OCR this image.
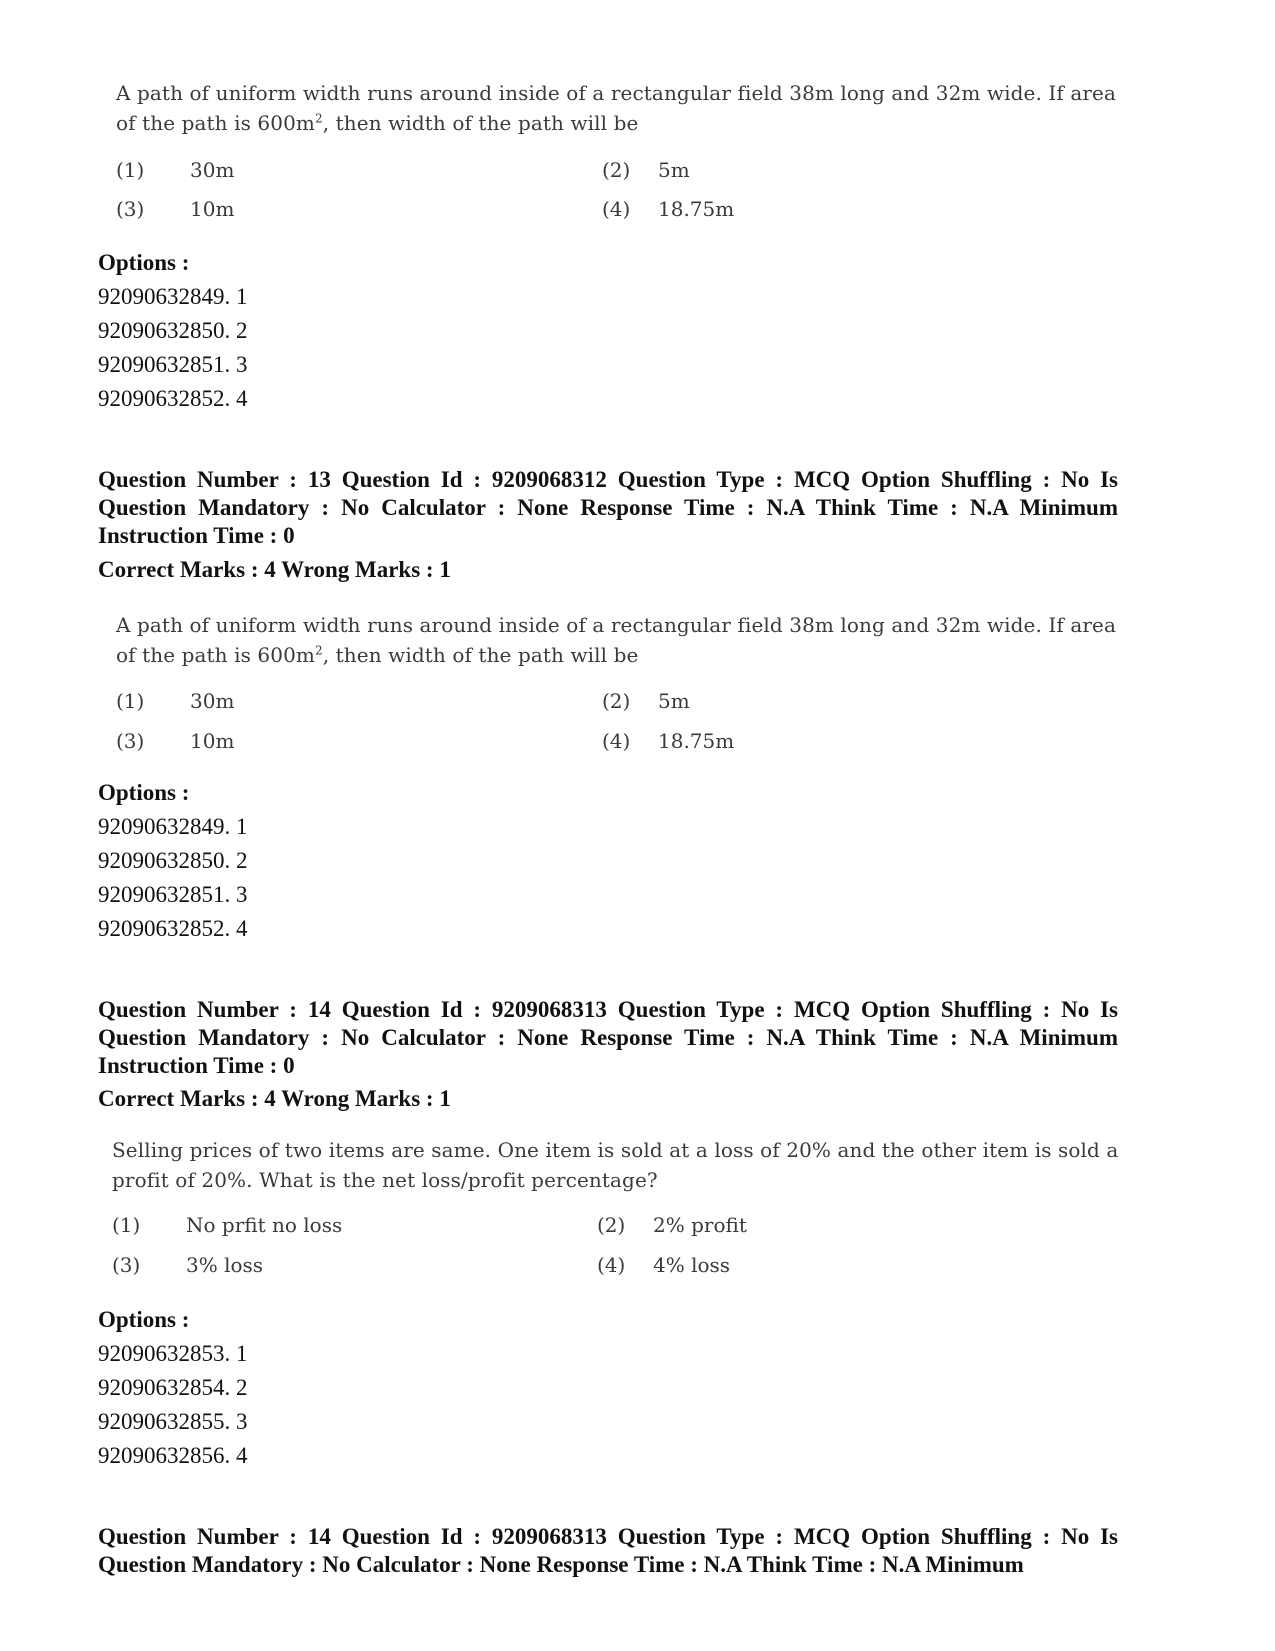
A path of uniform width runs around inside of a rectangular field 38m long and 32m wide. If area of the path is $600m^2$, then width of the path will be
(1) 30m	(2) 5m
(3) 10m	(4) 18.75m
Options :
92090632849. 1
92090632850. 2
92090632851. 3
92090632852. 4
Question Number : 13 Question Id : 9209068312 Question Type : MCQ Option Shuffling : No Is Question Mandatory : No Calculator : None Response Time : N.A Think Time : N.A Minimum Instruction Time : 0
Correct Marks : 4 Wrong Marks : 1
A path of uniform width runs around inside of a rectangular field 38m long and 32m wide. If area of the path is $600m^2$, then width of the path will be
(1) 30m	(2) 5m
(3) 10m	(4) 18.75m
Options :
92090632849. 1
92090632850. 2
92090632851. 3
92090632852. 4
Question Number : 14 Question Id : 9209068313 Question Type : MCQ Option Shuffling : No Is Question Mandatory : No Calculator : None Response Time : N.A Think Time : N.A Minimum Instruction Time : 0
Correct Marks : 4 Wrong Marks : 1
Selling prices of two items are same. One item is sold at a loss of 20% and the other item is sold a profit of 20%. What is the net loss/profit percentage?
(1) No prfit no loss	(2) 2% profit
(3) 3% loss	(4) 4% loss
Options :
92090632853. 1
92090632854. 2
92090632855. 3
92090632856. 4
Question Number : 14 Question Id : 9209068313 Question Type : MCQ Option Shuffling : No Is Question Mandatory : No Calculator : None Response Time : N.A Think Time : N.A Minimum
